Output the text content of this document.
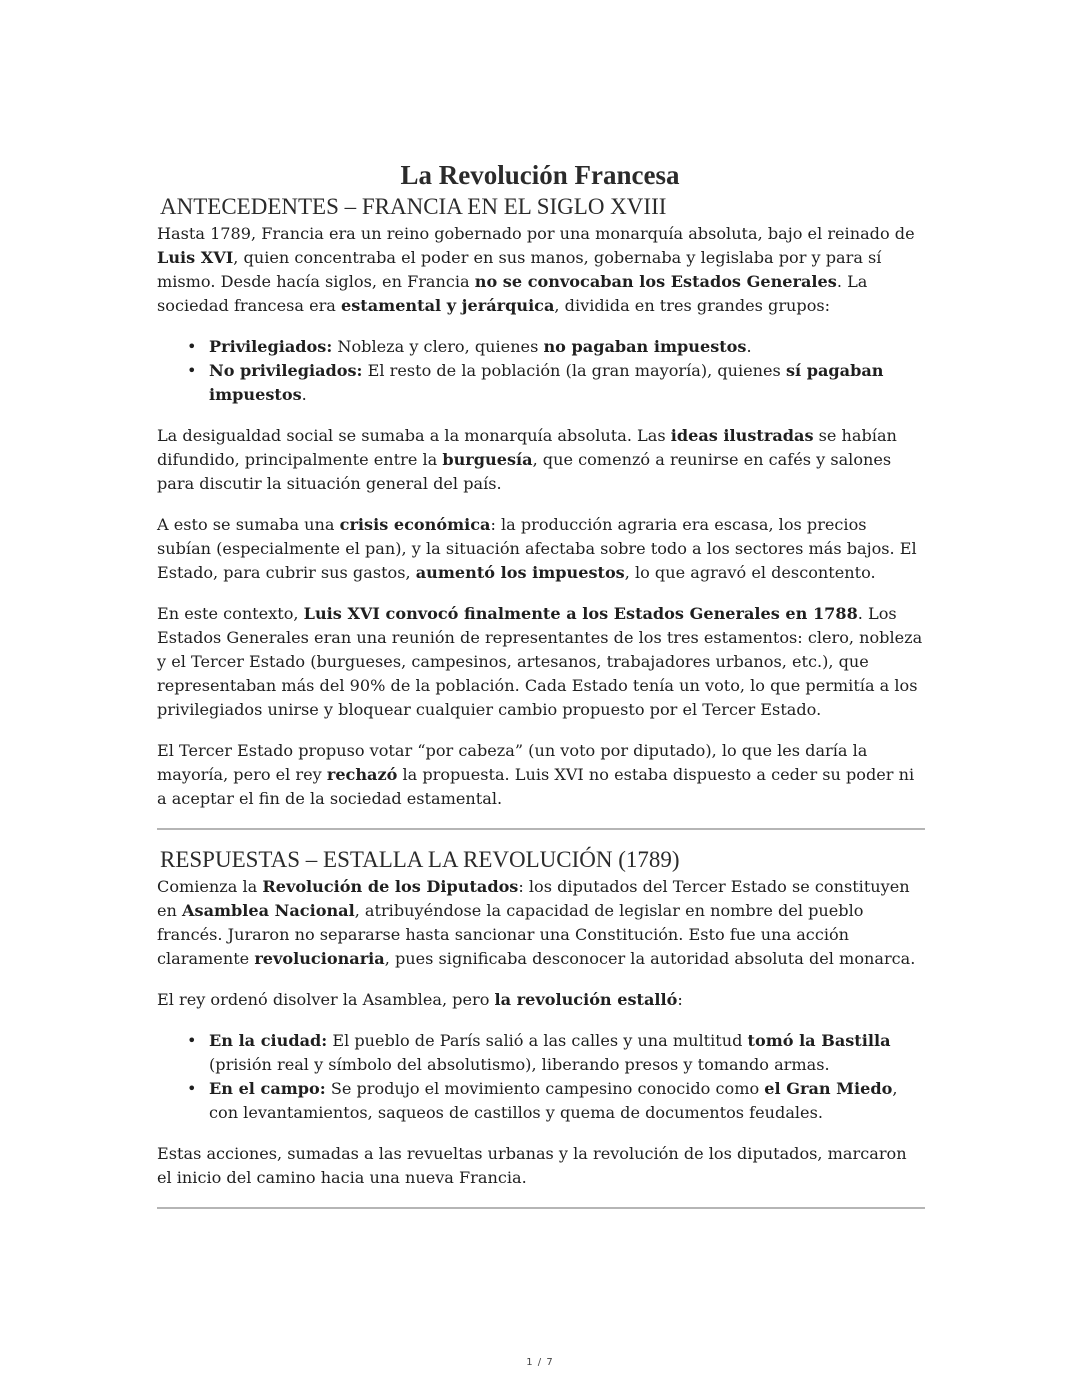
La Revolución Francesa
ANTECEDENTES – FRANCIA EN EL SIGLO XVIII

Hasta 1789, Francia era un reino gobernado por una monarquía absoluta, bajo el reinado de Luis XVI, quien concentraba el poder en sus manos, gobernaba y legislaba por y para sí mismo. Desde hacía siglos, en Francia no se convocaban los Estados Generales. La sociedad francesa era estamental y jerárquica, dividida en tres grandes grupos:

• Privilegiados: Nobleza y clero, quienes no pagaban impuestos.
• No privilegiados: El resto de la población (la gran mayoría), quienes sí pagaban impuestos.

La desigualdad social se sumaba a la monarquía absoluta. Las ideas ilustradas se habían difundido, principalmente entre la burguesía, que comenzó a reunirse en cafés y salones para discutir la situación general del país.

A esto se sumaba una crisis económica: la producción agraria era escasa, los precios subían (especialmente el pan), y la situación afectaba sobre todo a los sectores más bajos. El Estado, para cubrir sus gastos, aumentó los impuestos, lo que agravó el descontento.

En este contexto, Luis XVI convocó finalmente a los Estados Generales en 1788. Los Estados Generales eran una reunión de representantes de los tres estamentos: clero, nobleza y el Tercer Estado (burgueses, campesinos, artesanos, trabajadores urbanos, etc.), que representaban más del 90% de la población. Cada Estado tenía un voto, lo que permitía a los privilegiados unirse y bloquear cualquier cambio propuesto por el Tercer Estado.

El Tercer Estado propuso votar “por cabeza” (un voto por diputado), lo que les daría la mayoría, pero el rey rechazó la propuesta. Luis XVI no estaba dispuesto a ceder su poder ni a aceptar el fin de la sociedad estamental.

RESPUESTAS – ESTALLA LA REVOLUCIÓN (1789)

Comienza la Revolución de los Diputados: los diputados del Tercer Estado se constituyen en Asamblea Nacional, atribuyéndose la capacidad de legislar en nombre del pueblo francés. Juraron no separarse hasta sancionar una Constitución. Esto fue una acción claramente revolucionaria, pues significaba desconocer la autoridad absoluta del monarca.

El rey ordenó disolver la Asamblea, pero la revolución estalló:

• En la ciudad: El pueblo de París salió a las calles y una multitud tomó la Bastilla (prisión real y símbolo del absolutismo), liberando presos y tomando armas.
• En el campo: Se produjo el movimiento campesino conocido como el Gran Miedo, con levantamientos, saqueos de castillos y quema de documentos feudales.

Estas acciones, sumadas a las revueltas urbanas y la revolución de los diputados, marcaron el inicio del camino hacia una nueva Francia.

1 / 7
